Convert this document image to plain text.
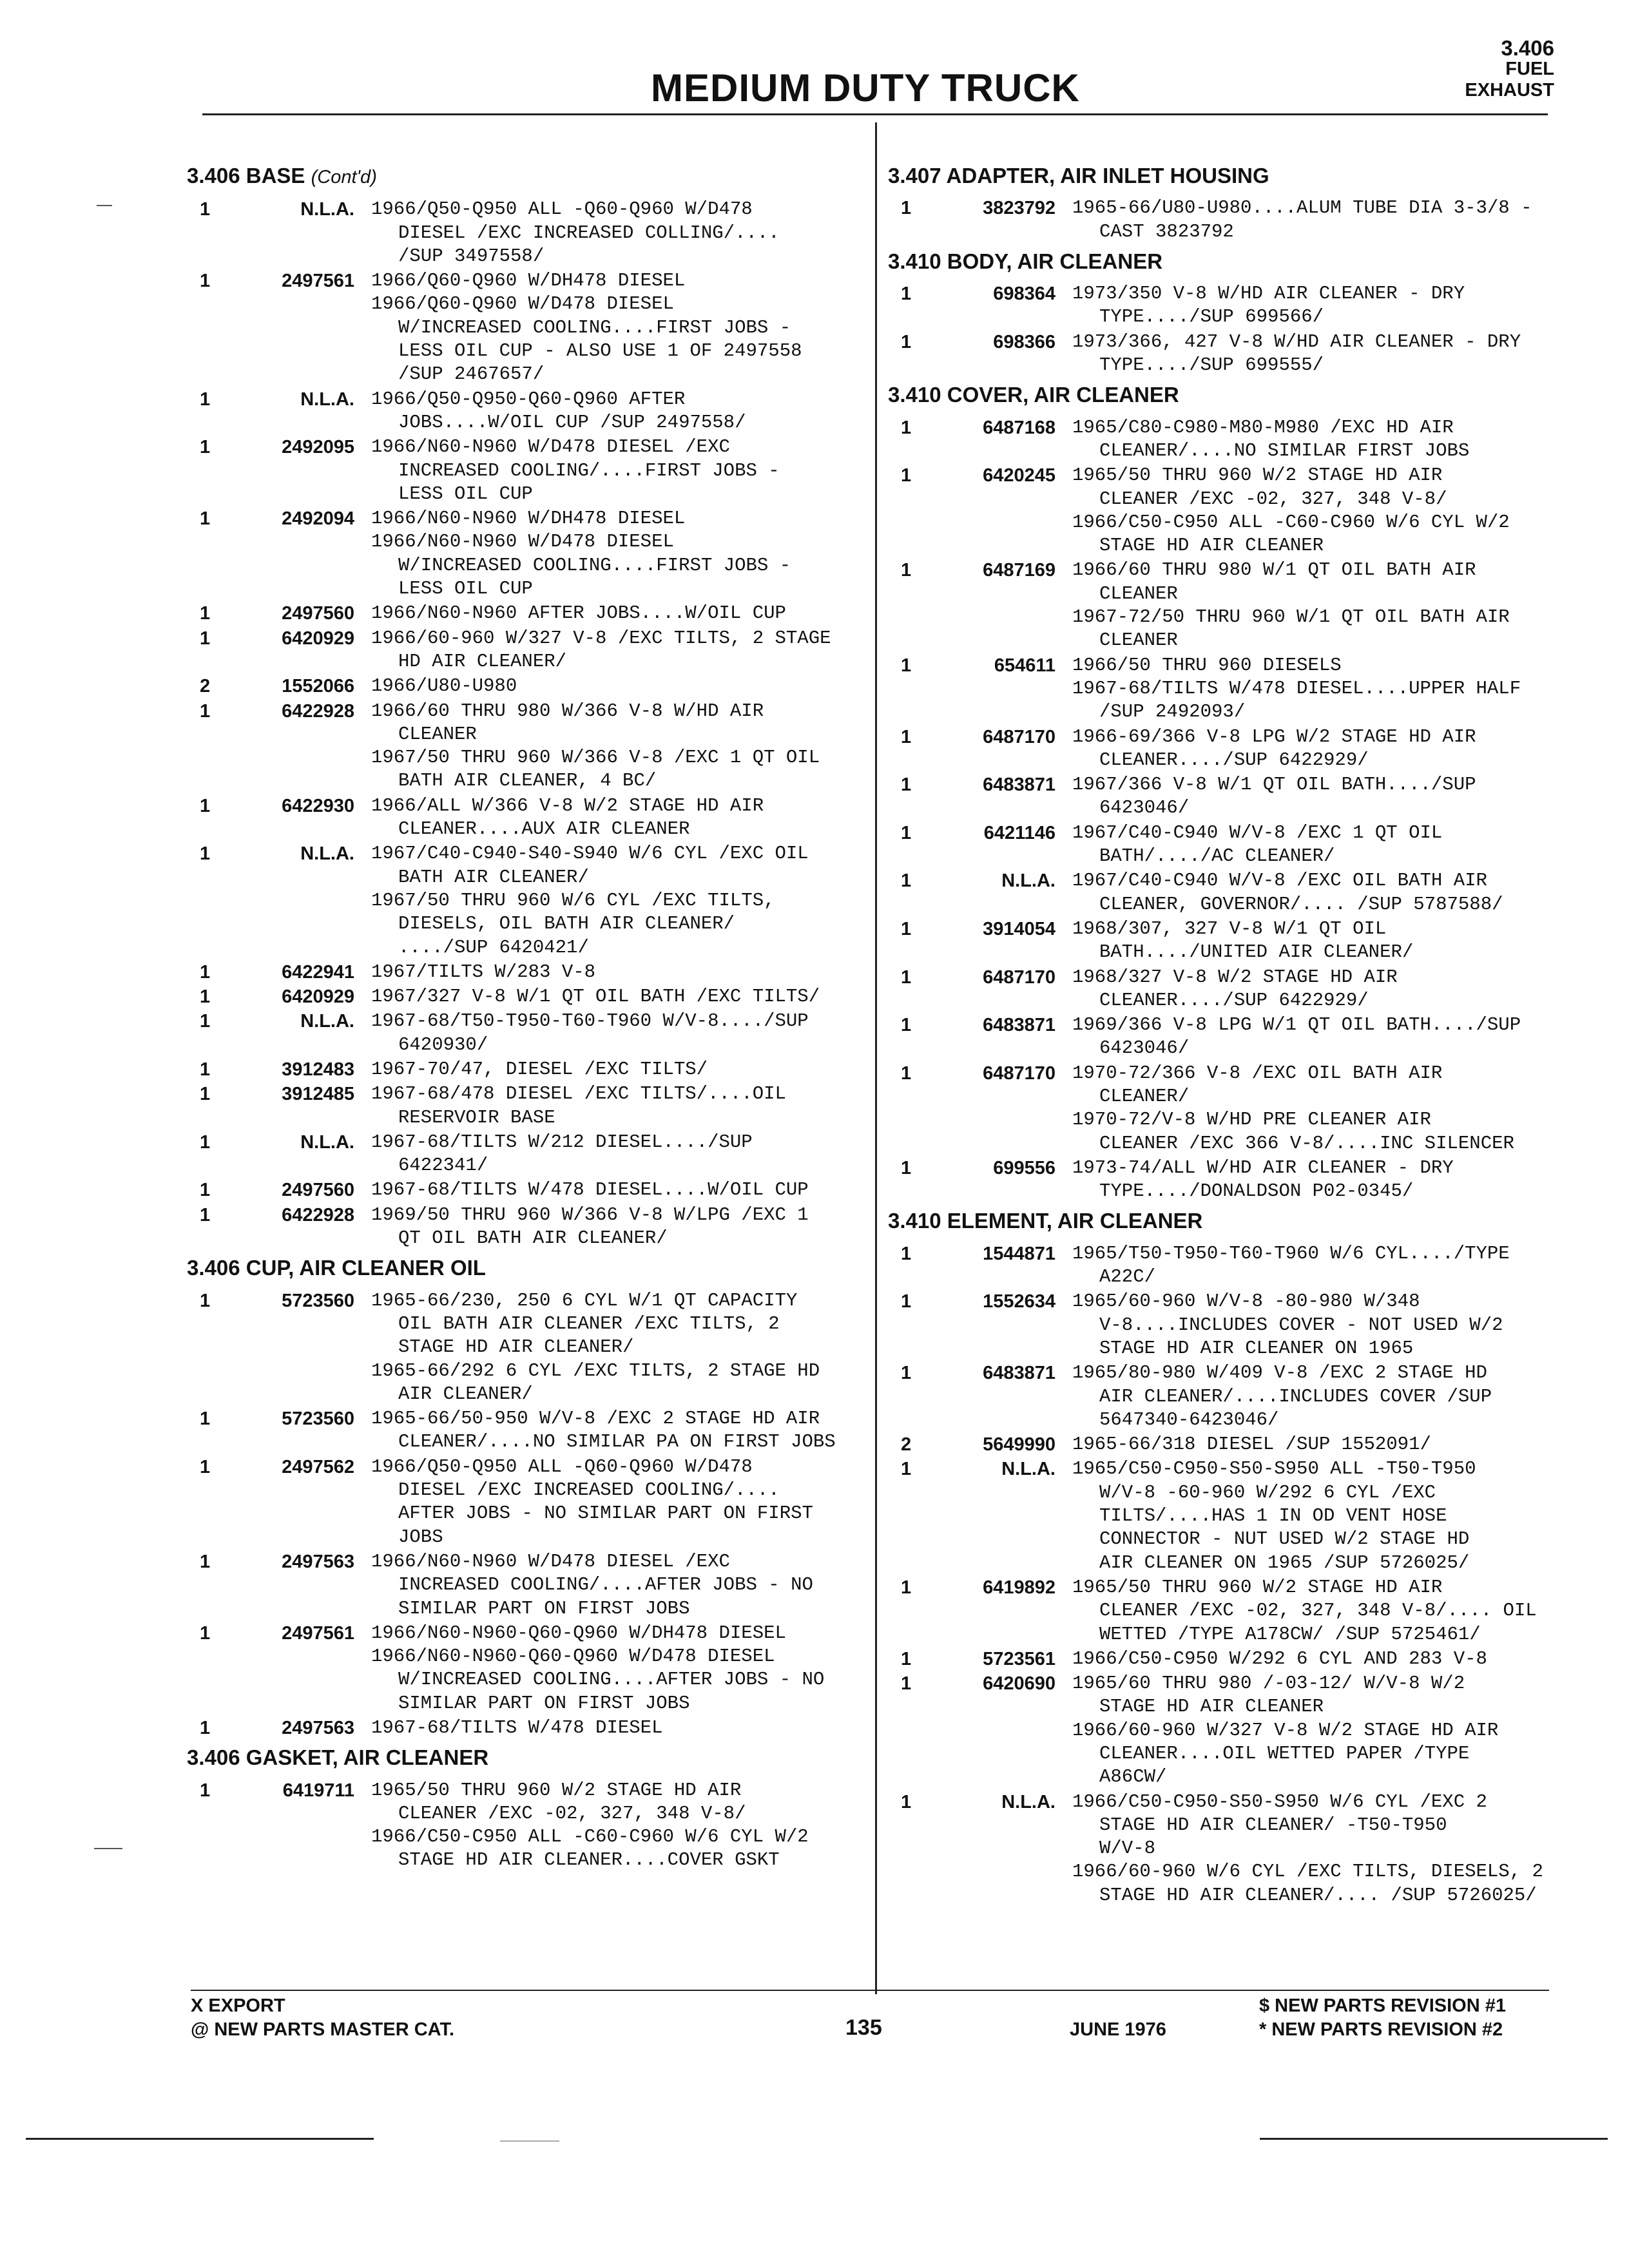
MEDIUM DUTY TRUCK
3.406
FUEL
EXHAUST
3.406 BASE (Cont'd)
1	N.L.A. 1966/Q50-Q950 ALL -Q60-Q960 W/D478
DIESEL /EXC INCREASED COLLING/....
/SUP 3497558/
1	2497561 1966/Q60-Q960 W/DH478 DIESEL
1966/Q60-Q960 W/D478 DIESEL
W/INCREASED COOLING....FIRST JOBS -
LESS OIL CUP - ALSO USE 1 OF 2497558
/SUP 2467657/
1	N.L.A. 1966/Q50-Q950-Q60-Q960 AFTER
JOBS....W/OIL CUP /SUP 2497558/
1	2492095 1966/N60-N960 W/D478 DIESEL /EXC
INCREASED COOLING/....FIRST JOBS -
LESS OIL CUP
1	2492094 1966/N60-N960 W/DH478 DIESEL
1966/N60-N960 W/D478 DIESEL
W/INCREASED COOLING....FIRST JOBS -
LESS OIL CUP
1	2497560 1966/N60-N960 AFTER JOBS....W/OIL CUP
1	6420929 1966/60-960 W/327 V-8 /EXC TILTS, 2 STAGE
HD AIR CLEANER/
2	1552066 1966/U80-U980
1	6422928 1966/60 THRU 980 W/366 V-8 W/HD AIR
CLEANER
1967/50 THRU 960 W/366 V-8 /EXC 1 QT OIL
BATH AIR CLEANER, 4 BC/
1	6422930 1966/ALL W/366 V-8 W/2 STAGE HD AIR
CLEANER....AUX AIR CLEANER
1	N.L.A. 1967/C40-C940-S40-S940 W/6 CYL /EXC OIL
BATH AIR CLEANER/
1967/50 THRU 960 W/6 CYL /EXC TILTS,
DIESELS, OIL BATH AIR CLEANER/
..../SUP 6420421/
1	6422941 1967/TILTS W/283 V-8
1	6420929 1967/327 V-8 W/1 QT OIL BATH /EXC TILTS/
1	N.L.A. 1967-68/T50-T950-T60-T960 W/V-8..../SUP
6420930/
1	3912483 1967-70/47, DIESEL /EXC TILTS/
1	3912485 1967-68/478 DIESEL /EXC TILTS/....OIL
RESERVOIR BASE
1	N.L.A. 1967-68/TILTS W/212 DIESEL..../SUP
6422341/
1	2497560 1967-68/TILTS W/478 DIESEL....W/OIL CUP
1	6422928 1969/50 THRU 960 W/366 V-8 W/LPG /EXC 1
QT OIL BATH AIR CLEANER/
3.406 CUP, AIR CLEANER OIL
1	5723560 1965-66/230, 250 6 CYL W/1 QT CAPACITY
OIL BATH AIR CLEANER /EXC TILTS, 2
STAGE HD AIR CLEANER/
1965-66/292 6 CYL /EXC TILTS, 2 STAGE HD
AIR CLEANER/
1	5723560 1965-66/50-950 W/V-8 /EXC 2 STAGE HD AIR
CLEANER/....NO SIMILAR PA ON FIRST JOBS
1	2497562 1966/Q50-Q950 ALL -Q60-Q960 W/D478
DIESEL /EXC INCREASED COOLING/....
AFTER JOBS - NO SIMILAR PART ON FIRST
JOBS
1	2497563 1966/N60-N960 W/D478 DIESEL /EXC
INCREASED COOLING/....AFTER JOBS - NO
SIMILAR PART ON FIRST JOBS
1	2497561 1966/N60-N960-Q60-Q960 W/DH478 DIESEL
1966/N60-N960-Q60-Q960 W/D478 DIESEL
W/INCREASED COOLING....AFTER JOBS - NO
SIMILAR PART ON FIRST JOBS
1	2497563 1967-68/TILTS W/478 DIESEL
3.406 GASKET, AIR CLEANER
1	6419711 1965/50 THRU 960 W/2 STAGE HD AIR
CLEANER /EXC -02, 327, 348 V-8/
1966/C50-C950 ALL -C60-C960 W/6 CYL W/2
STAGE HD AIR CLEANER....COVER GSKT
3.407 ADAPTER, AIR INLET HOUSING
1	3823792 1965-66/U80-U980....ALUM TUBE DIA 3-3/8 -
CAST 3823792
3.410 BODY, AIR CLEANER
1	698364 1973/350 V-8 W/HD AIR CLEANER - DRY
TYPE..../SUP 699566/
1	698366 1973/366, 427 V-8 W/HD AIR CLEANER - DRY
TYPE..../SUP 699555/
3.410 COVER, AIR CLEANER
1	6487168 1965/C80-C980-M80-M980 /EXC HD AIR
CLEANER/....NO SIMILAR FIRST JOBS
1	6420245 1965/50 THRU 960 W/2 STAGE HD AIR
CLEANER /EXC -02, 327, 348 V-8/
1966/C50-C950 ALL -C60-C960 W/6 CYL W/2
STAGE HD AIR CLEANER
1	6487169 1966/60 THRU 980 W/1 QT OIL BATH AIR
CLEANER
1967-72/50 THRU 960 W/1 QT OIL BATH AIR
CLEANER
1	654611 1966/50 THRU 960 DIESELS
1967-68/TILTS W/478 DIESEL....UPPER HALF
/SUP 2492093/
1	6487170 1966-69/366 V-8 LPG W/2 STAGE HD AIR
CLEANER..../SUP 6422929/
1	6483871 1967/366 V-8 W/1 QT OIL BATH..../SUP
6423046/
1	6421146 1967/C40-C940 W/V-8 /EXC 1 QT OIL
BATH/..../AC CLEANER/
1	N.L.A. 1967/C40-C940 W/V-8 /EXC OIL BATH AIR
CLEANER, GOVERNOR/.... /SUP 5787588/
1	3914054 1968/307, 327 V-8 W/1 QT OIL
BATH..../UNITED AIR CLEANER/
1	6487170 1968/327 V-8 W/2 STAGE HD AIR
CLEANER..../SUP 6422929/
1	6483871 1969/366 V-8 LPG W/1 QT OIL BATH..../SUP
6423046/
1	6487170 1970-72/366 V-8 /EXC OIL BATH AIR
CLEANER/
1970-72/V-8 W/HD PRE CLEANER AIR
CLEANER /EXC 366 V-8/....INC SILENCER
1	699556 1973-74/ALL W/HD AIR CLEANER - DRY
TYPE..../DONALDSON P02-0345/
3.410 ELEMENT, AIR CLEANER
1	1544871 1965/T50-T950-T60-T960 W/6 CYL..../TYPE
A22C/
1	1552634 1965/60-960 W/V-8 -80-980 W/348
V-8....INCLUDES COVER - NOT USED W/2
STAGE HD AIR CLEANER ON 1965
1	6483871 1965/80-980 W/409 V-8 /EXC 2 STAGE HD
AIR CLEANER/....INCLUDES COVER /SUP
5647340-6423046/
2	5649990 1965-66/318 DIESEL /SUP 1552091/
1	N.L.A. 1965/C50-C950-S50-S950 ALL -T50-T950
W/V-8 -60-960 W/292 6 CYL /EXC
TILTS/....HAS 1 IN OD VENT HOSE
CONNECTOR - NUT USED W/2 STAGE HD
AIR CLEANER ON 1965 /SUP 5726025/
1	6419892 1965/50 THRU 960 W/2 STAGE HD AIR
CLEANER /EXC -02, 327, 348 V-8/.... OIL
WETTED /TYPE A178CW/ /SUP 5725461/
1	5723561 1966/C50-C950 W/292 6 CYL AND 283 V-8
1	6420690 1965/60 THRU 980 /-03-12/ W/V-8 W/2
STAGE HD AIR CLEANER
1966/60-960 W/327 V-8 W/2 STAGE HD AIR
CLEANER....OIL WETTED PAPER /TYPE
A86CW/
1	N.L.A. 1966/C50-C950-S50-S950 W/6 CYL /EXC 2
STAGE HD AIR CLEANER/ -T50-T950
W/V-8
1966/60-960 W/6 CYL /EXC TILTS, DIESELS, 2
STAGE HD AIR CLEANER/.... /SUP 5726025/
X EXPORT
@ NEW PARTS MASTER CAT.	135	JUNE 1976
$ NEW PARTS REVISION #1
* NEW PARTS REVISION #2
